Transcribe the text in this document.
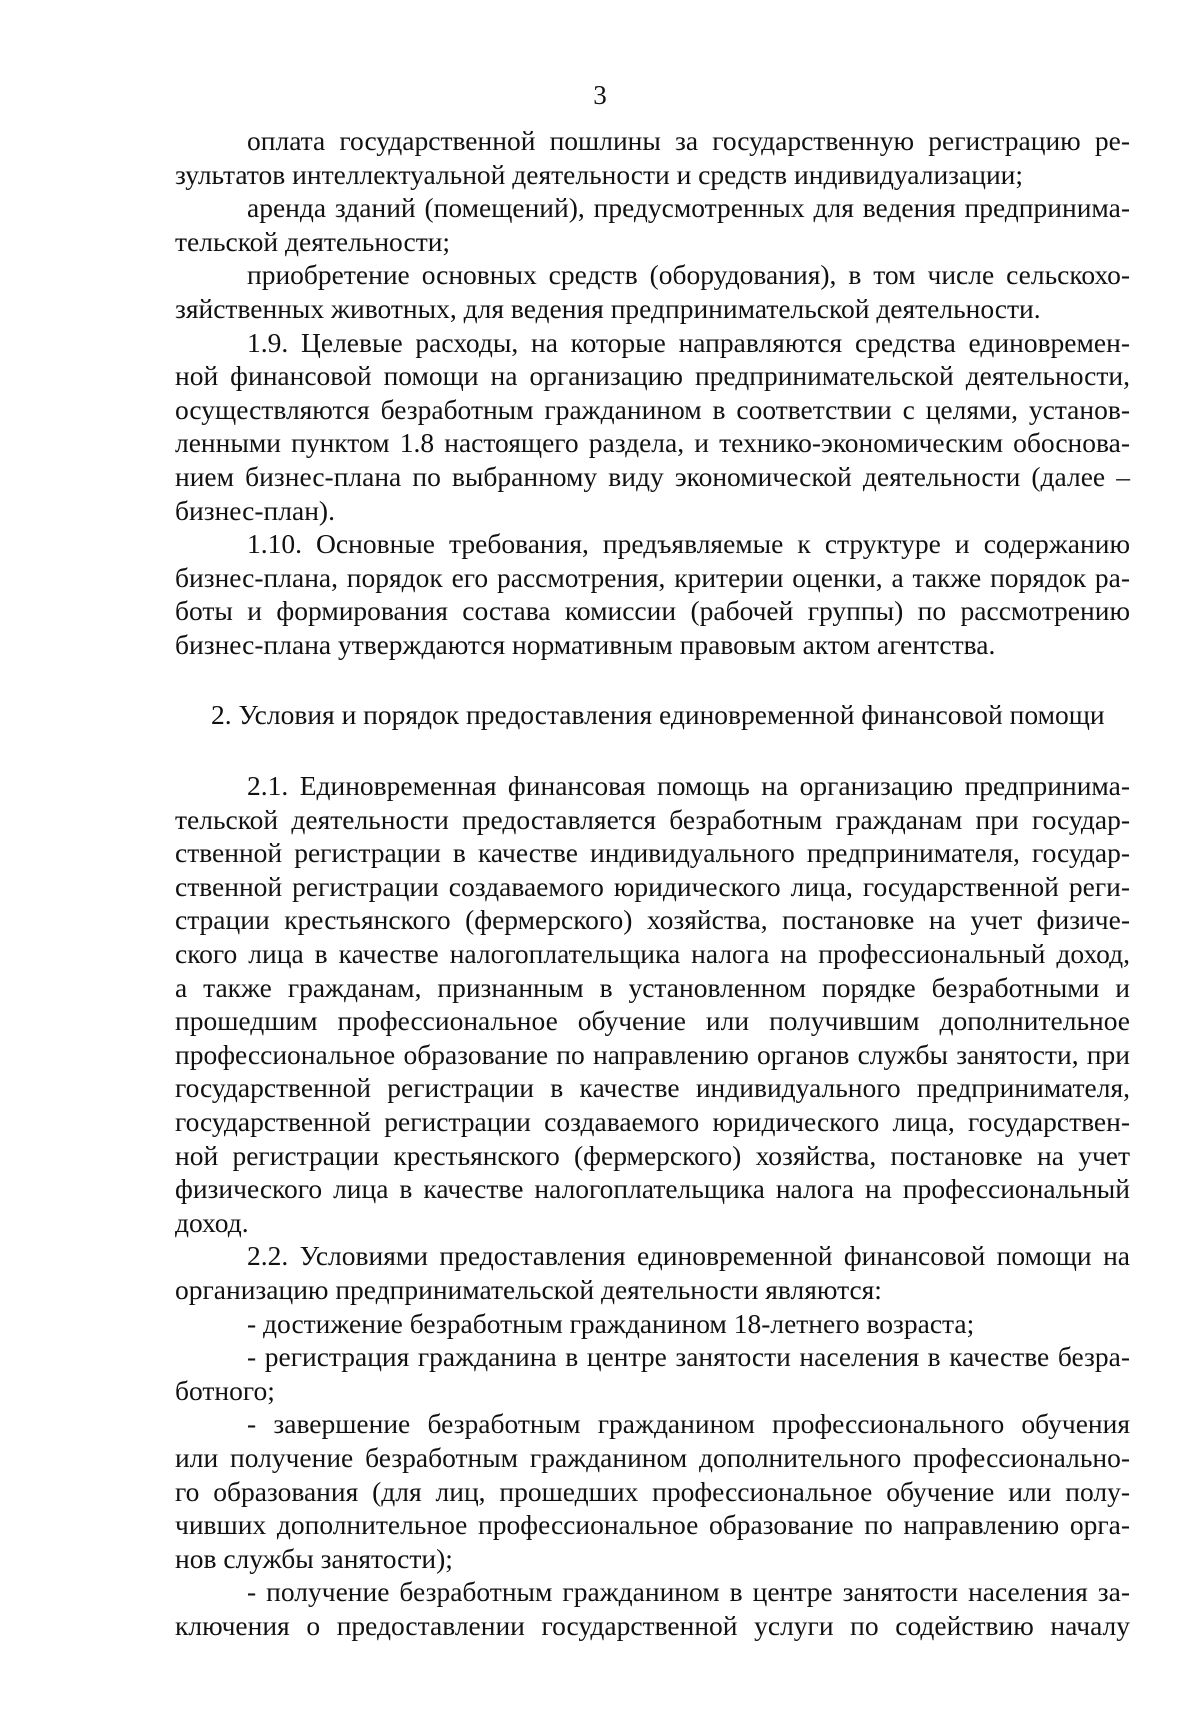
3
оплата государственной пошлины за государственную регистрацию ре-
зультатов интеллектуальной деятельности и средств индивидуализации;
аренда зданий (помещений), предусмотренных для ведения предпринима-
тельской деятельности;
приобретение основных средств (оборудования), в том числе сельскохо-
зяйственных животных, для ведения предпринимательской деятельности.
1.9. Целевые расходы, на которые направляются средства единовремен-
ной финансовой помощи на организацию предпринимательской деятельности,
осуществляются безработным гражданином в соответствии с целями, установ-
ленными пунктом 1.8 настоящего раздела, и технико-экономическим обоснова-
нием бизнес-плана по выбранному виду экономической деятельности (далее –
бизнес-план).
1.10. Основные требования, предъявляемые к структуре и содержанию
бизнес-плана, порядок его рассмотрения, критерии оценки, а также порядок ра-
боты и формирования состава комиссии (рабочей группы) по рассмотрению
бизнес-плана утверждаются нормативным правовым актом агентства.
2. Условия и порядок предоставления единовременной финансовой помощи
2.1. Единовременная финансовая помощь на организацию предпринима-
тельской деятельности предоставляется безработным гражданам при государ-
ственной регистрации в качестве индивидуального предпринимателя, государ-
ственной регистрации создаваемого юридического лица, государственной реги-
страции крестьянского (фермерского) хозяйства, постановке на учет физиче-
ского лица в качестве налогоплательщика налога на профессиональный доход,
а также гражданам, признанным в установленном порядке безработными и
прошедшим профессиональное обучение или получившим дополнительное
профессиональное образование по направлению органов службы занятости, при
государственной регистрации в качестве индивидуального предпринимателя,
государственной регистрации создаваемого юридического лица, государствен-
ной регистрации крестьянского (фермерского) хозяйства, постановке на учет
физического лица в качестве налогоплательщика налога на профессиональный
доход.
2.2. Условиями предоставления единовременной финансовой помощи на
организацию предпринимательской деятельности являются:
- достижение безработным гражданином 18-летнего возраста;
- регистрация гражданина в центре занятости населения в качестве безра-
ботного;
- завершение безработным гражданином профессионального обучения
или получение безработным гражданином дополнительного профессионально-
го образования (для лиц, прошедших профессиональное обучение или полу-
чивших дополнительное профессиональное образование по направлению орга-
нов службы занятости);
- получение безработным гражданином в центре занятости населения за-
ключения о предоставлении государственной услуги по содействию началу
